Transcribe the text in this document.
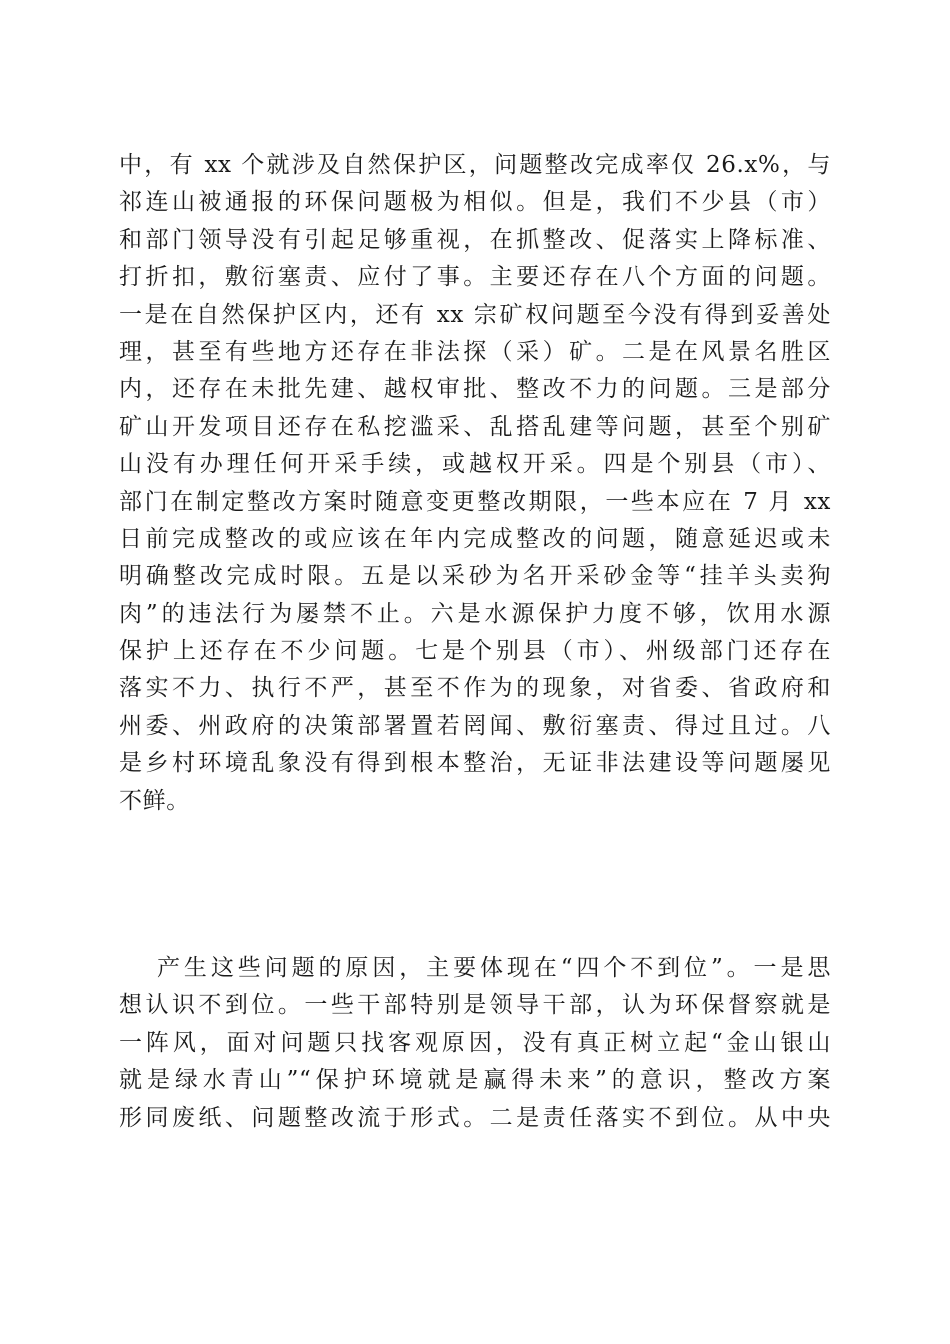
中，有 xx 个就涉及自然保护区，问题整改完成率仅 26.x%，与
祁连山被通报的环保问题极为相似。但是，我们不少县（市）
和部门领导没有引起足够重视，在抓整改、促落实上降标准、
打折扣，敷衍塞责、应付了事。主要还存在八个方面的问题。
一是在自然保护区内，还有 xx 宗矿权问题至今没有得到妥善处
理，甚至有些地方还存在非法探（采）矿。二是在风景名胜区
内，还存在未批先建、越权审批、整改不力的问题。三是部分
矿山开发项目还存在私挖滥采、乱搭乱建等问题，甚至个别矿
山没有办理任何开采手续，或越权开采。四是个别县（市）、
部门在制定整改方案时随意变更整改期限，一些本应在 7 月 xx
日前完成整改的或应该在年内完成整改的问题，随意延迟或未
明确整改完成时限。五是以采砂为名开采砂金等“挂羊头卖狗
肉”的违法行为屡禁不止。六是水源保护力度不够，饮用水源
保护上还存在不少问题。七是个别县（市）、州级部门还存在
落实不力、执行不严，甚至不作为的现象，对省委、省政府和
州委、州政府的决策部署置若罔闻、敷衍塞责、得过且过。八
是乡村环境乱象没有得到根本整治，无证非法建设等问题屡见
不鲜。
产生这些问题的原因，主要体现在“四个不到位”。一是思
想认识不到位。一些干部特别是领导干部，认为环保督察就是
一阵风，面对问题只找客观原因，没有真正树立起“金山银山
就是绿水青山”“保护环境就是赢得未来”的意识，整改方案
形同废纸、问题整改流于形式。二是责任落实不到位。从中央
